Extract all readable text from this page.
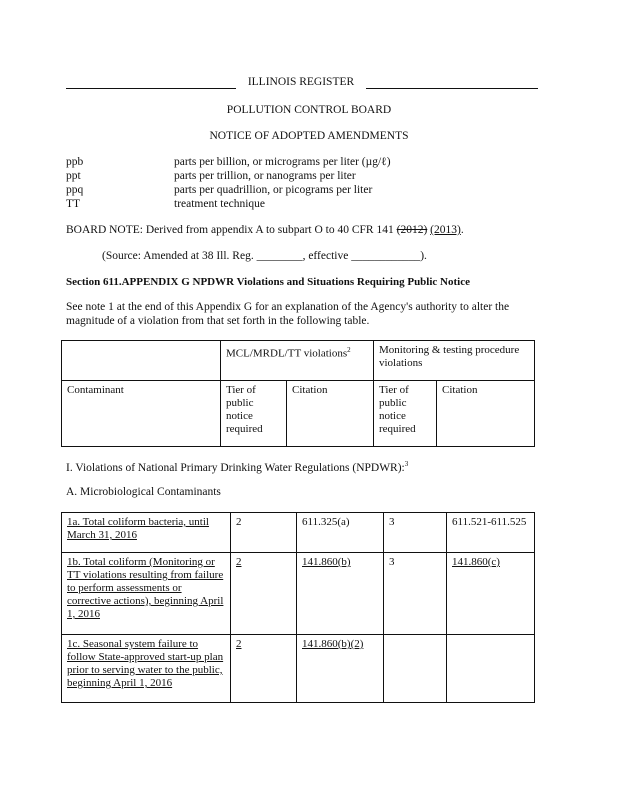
ILLINOIS REGISTER
POLLUTION CONTROL BOARD
NOTICE OF ADOPTED AMENDMENTS
ppb	parts per billion, or micrograms per liter (µg/ℓ)
ppt	parts per trillion, or nanograms per liter
ppq	parts per quadrillion, or picograms per liter
TT	treatment technique
BOARD NOTE: Derived from appendix A to subpart O to 40 CFR 141 (2012) (2013).
(Source: Amended at 38 Ill. Reg. ________, effective ____________).
Section 611.APPENDIX G NPDWR Violations and Situations Requiring Public Notice
See note 1 at the end of this Appendix G for an explanation of the Agency's authority to alter the magnitude of a violation from that set forth in the following table.
	MCL/MRDL/TT violations$^2$		Monitoring & testing procedure violations	
Contaminant	Tier of public notice required	Citation	Tier of public notice required	Citation
I. Violations of National Primary Drinking Water Regulations (NPDWR):$^3$
A. Microbiological Contaminants
1a. Total coliform bacteria, until March 31, 2016	2	611.325(a)	3	611.521-611.525
1b. Total coliform (Monitoring or TT violations resulting from failure to perform assessments or corrective actions), beginning April 1, 2016	2	141.860(b)	3	141.860(c)
1c. Seasonal system failure to follow State-approved start-up plan prior to serving water to the public, beginning April 1, 2016	2	141.860(b)(2)		
